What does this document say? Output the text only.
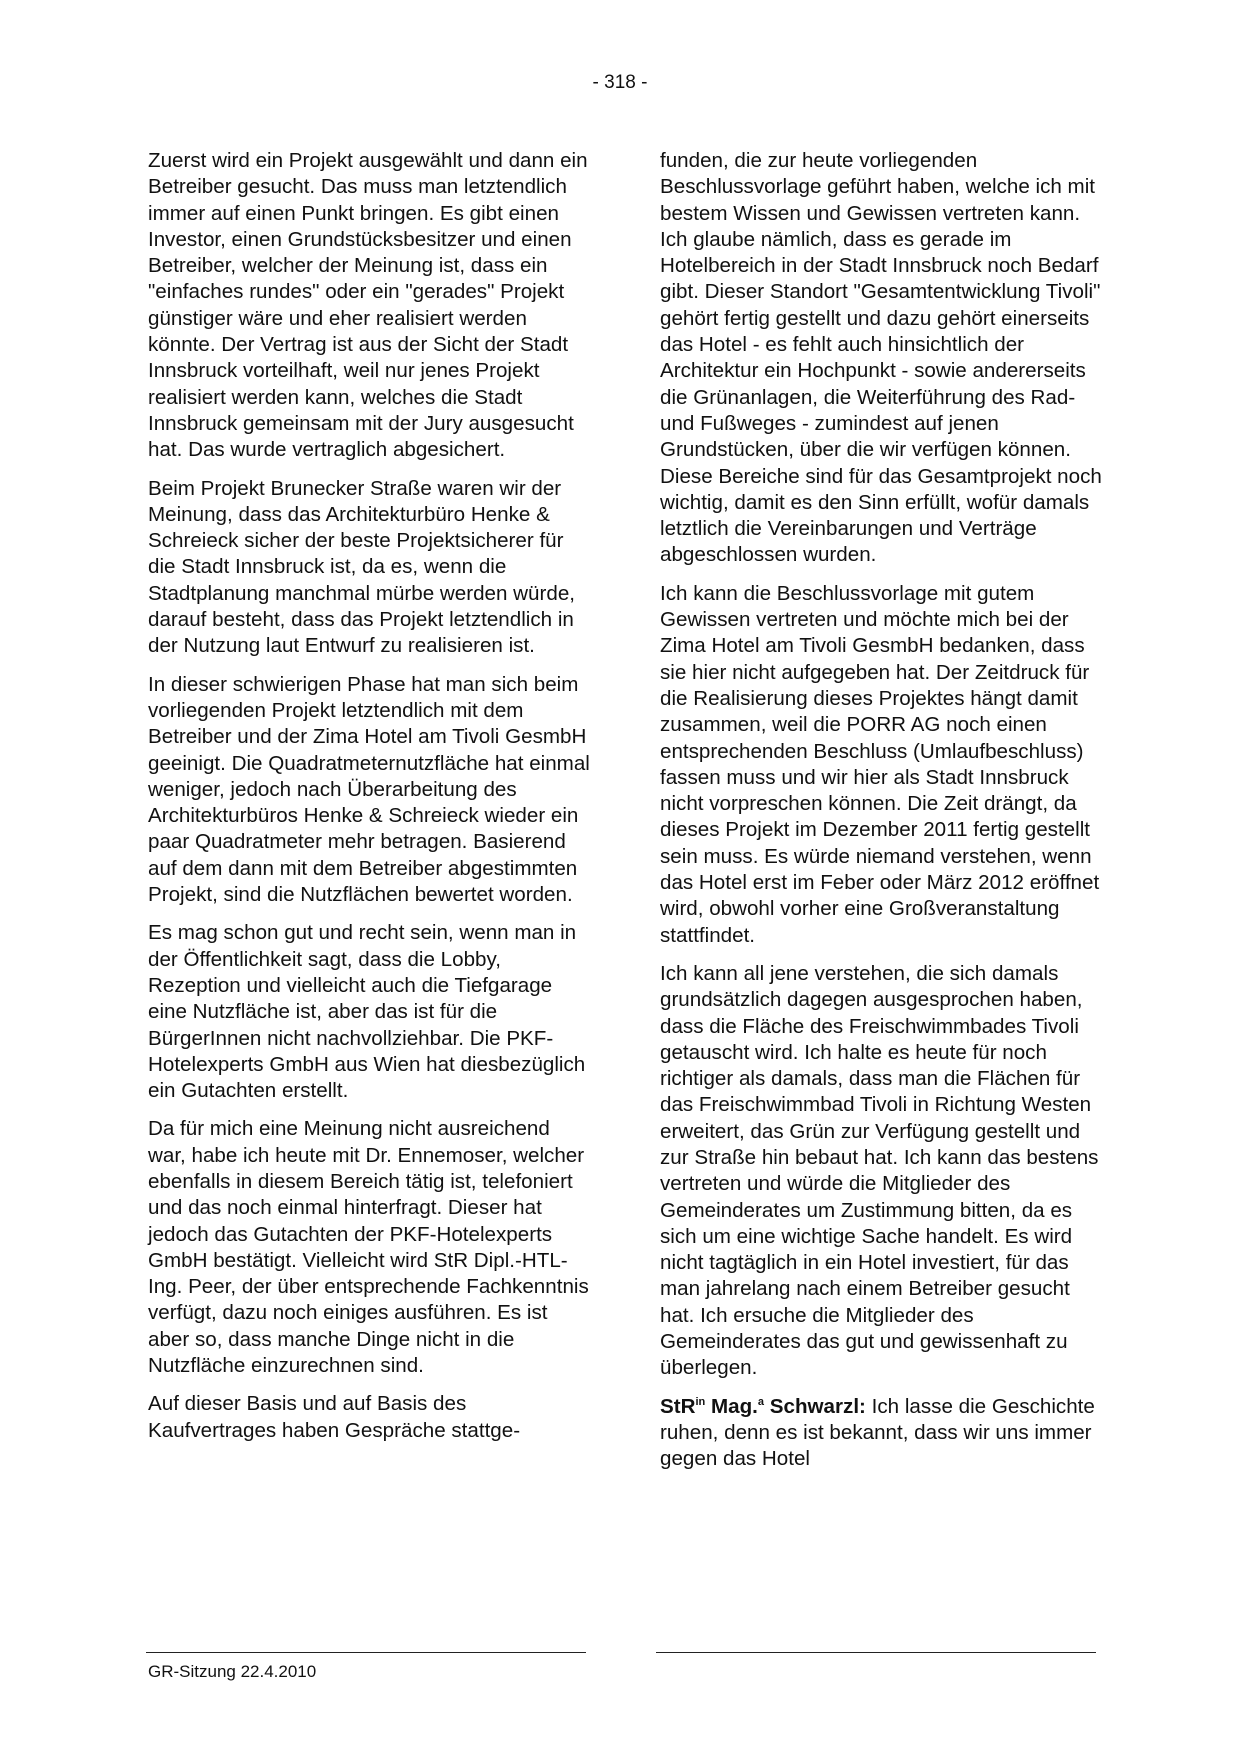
- 318 -

Zuerst wird ein Projekt ausgewählt und dann ein Betreiber gesucht. Das muss man letztendlich immer auf einen Punkt bringen. Es gibt einen Investor, einen Grundstücksbesitzer und einen Betreiber, welcher der Meinung ist, dass ein "einfaches rundes" oder ein "gerades" Projekt günstiger wäre und eher realisiert werden könnte. Der Vertrag ist aus der Sicht der Stadt Innsbruck vorteilhaft, weil nur jenes Projekt realisiert werden kann, welches die Stadt Innsbruck gemeinsam mit der Jury ausgesucht hat. Das wurde vertraglich abgesichert.

Beim Projekt Brunecker Straße waren wir der Meinung, dass das Architekturbüro Henke & Schreieck sicher der beste Projektsicherer für die Stadt Innsbruck ist, da es, wenn die Stadtplanung manchmal mürbe werden würde, darauf besteht, dass das Projekt letztendlich in der Nutzung laut Entwurf zu realisieren ist.

In dieser schwierigen Phase hat man sich beim vorliegenden Projekt letztendlich mit dem Betreiber und der Zima Hotel am Tivoli GesmbH geeinigt. Die Quadratmeternutzfläche hat einmal weniger, jedoch nach Überarbeitung des Architekturbüros Henke & Schreieck wieder ein paar Quadratmeter mehr betragen. Basierend auf dem dann mit dem Betreiber abgestimmten Projekt, sind die Nutzflächen bewertet worden.

Es mag schon gut und recht sein, wenn man in der Öffentlichkeit sagt, dass die Lobby, Rezeption und vielleicht auch die Tiefgarage eine Nutzfläche ist, aber das ist für die BürgerInnen nicht nachvollziehbar. Die PKF-Hotelexperts GmbH aus Wien hat diesbezüglich ein Gutachten erstellt.

Da für mich eine Meinung nicht ausreichend war, habe ich heute mit Dr. Ennemoser, welcher ebenfalls in diesem Bereich tätig ist, telefoniert und das noch einmal hinterfragt. Dieser hat jedoch das Gutachten der PKF-Hotelexperts GmbH bestätigt. Vielleicht wird StR Dipl.-HTL-Ing. Peer, der über entsprechende Fachkenntnis verfügt, dazu noch einiges ausführen. Es ist aber so, dass manche Dinge nicht in die Nutzfläche einzurechnen sind.

Auf dieser Basis und auf Basis des Kaufvertrages haben Gespräche stattge-

funden, die zur heute vorliegenden Beschlussvorlage geführt haben, welche ich mit bestem Wissen und Gewissen vertreten kann. Ich glaube nämlich, dass es gerade im Hotelbereich in der Stadt Innsbruck noch Bedarf gibt. Dieser Standort "Gesamtentwicklung Tivoli" gehört fertig gestellt und dazu gehört einerseits das Hotel - es fehlt auch hinsichtlich der Architektur ein Hochpunkt - sowie andererseits die Grünanlagen, die Weiterführung des Rad- und Fußweges - zumindest auf jenen Grundstücken, über die wir verfügen können. Diese Bereiche sind für das Gesamtprojekt noch wichtig, damit es den Sinn erfüllt, wofür damals letztlich die Vereinbarungen und Verträge abgeschlossen wurden.

Ich kann die Beschlussvorlage mit gutem Gewissen vertreten und möchte mich bei der Zima Hotel am Tivoli GesmbH bedanken, dass sie hier nicht aufgegeben hat. Der Zeitdruck für die Realisierung dieses Projektes hängt damit zusammen, weil die PORR AG noch einen entsprechenden Beschluss (Umlaufbeschluss) fassen muss und wir hier als Stadt Innsbruck nicht vorpreschen können. Die Zeit drängt, da dieses Projekt im Dezember 2011 fertig gestellt sein muss. Es würde niemand verstehen, wenn das Hotel erst im Feber oder März 2012 eröffnet wird, obwohl vorher eine Großveranstaltung stattfindet.

Ich kann all jene verstehen, die sich damals grundsätzlich dagegen ausgesprochen haben, dass die Fläche des Freischwimmbades Tivoli getauscht wird. Ich halte es heute für noch richtiger als damals, dass man die Flächen für das Freischwimmbad Tivoli in Richtung Westen erweitert, das Grün zur Verfügung gestellt und zur Straße hin bebaut hat. Ich kann das bestens vertreten und würde die Mitglieder des Gemeinderates um Zustimmung bitten, da es sich um eine wichtige Sache handelt. Es wird nicht tagtäglich in ein Hotel investiert, für das man jahrelang nach einem Betreiber gesucht hat. Ich ersuche die Mitglieder des Gemeinderates das gut und gewissenhaft zu überlegen.

StR$^{in}$ Mag.$^a$ Schwarzl: Ich lasse die Geschichte ruhen, denn es ist bekannt, dass wir uns immer gegen das Hotel

GR-Sitzung 22.4.2010
